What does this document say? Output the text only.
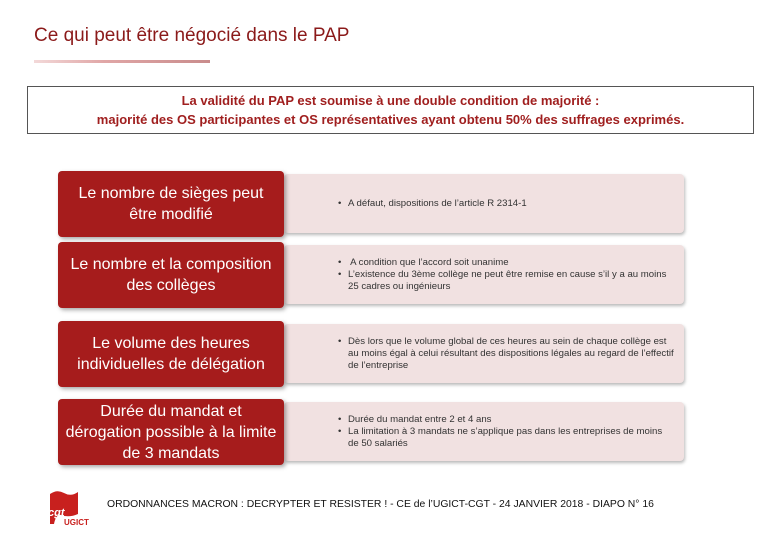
Ce qui peut être négocié dans le PAP
La validité du PAP est soumise à une double condition de majorité :
majorité des OS participantes et OS représentatives ayant obtenu 50% des suffrages exprimés.
• A défaut, dispositions de l’article R 2314-1
Le nombre de sièges peut être modifié
• A condition que l’accord soit unanime
• L’existence du 3ème collège ne peut être remise en cause s’il y a au moins 25 cadres ou ingénieurs
Le nombre et la composition des collèges
• Dès lors que le volume global de ces heures au sein de chaque collège est au moins égal à celui résultant des dispositions légales au regard de l’effectif de l’entreprise
Le volume des heures individuelles de délégation
• Durée du mandat entre 2 et 4 ans
• La limitation à 3 mandats ne s’applique pas dans les entreprises de moins de 50 salariés
Durée du mandat et dérogation possible à la limite de 3 mandats
cgt
UGICT
ORDONNANCES MACRON : DECRYPTER ET RESISTER ! - CE de l’UGICT-CGT - 24 JANVIER 2018 - DIAPO N° 16
